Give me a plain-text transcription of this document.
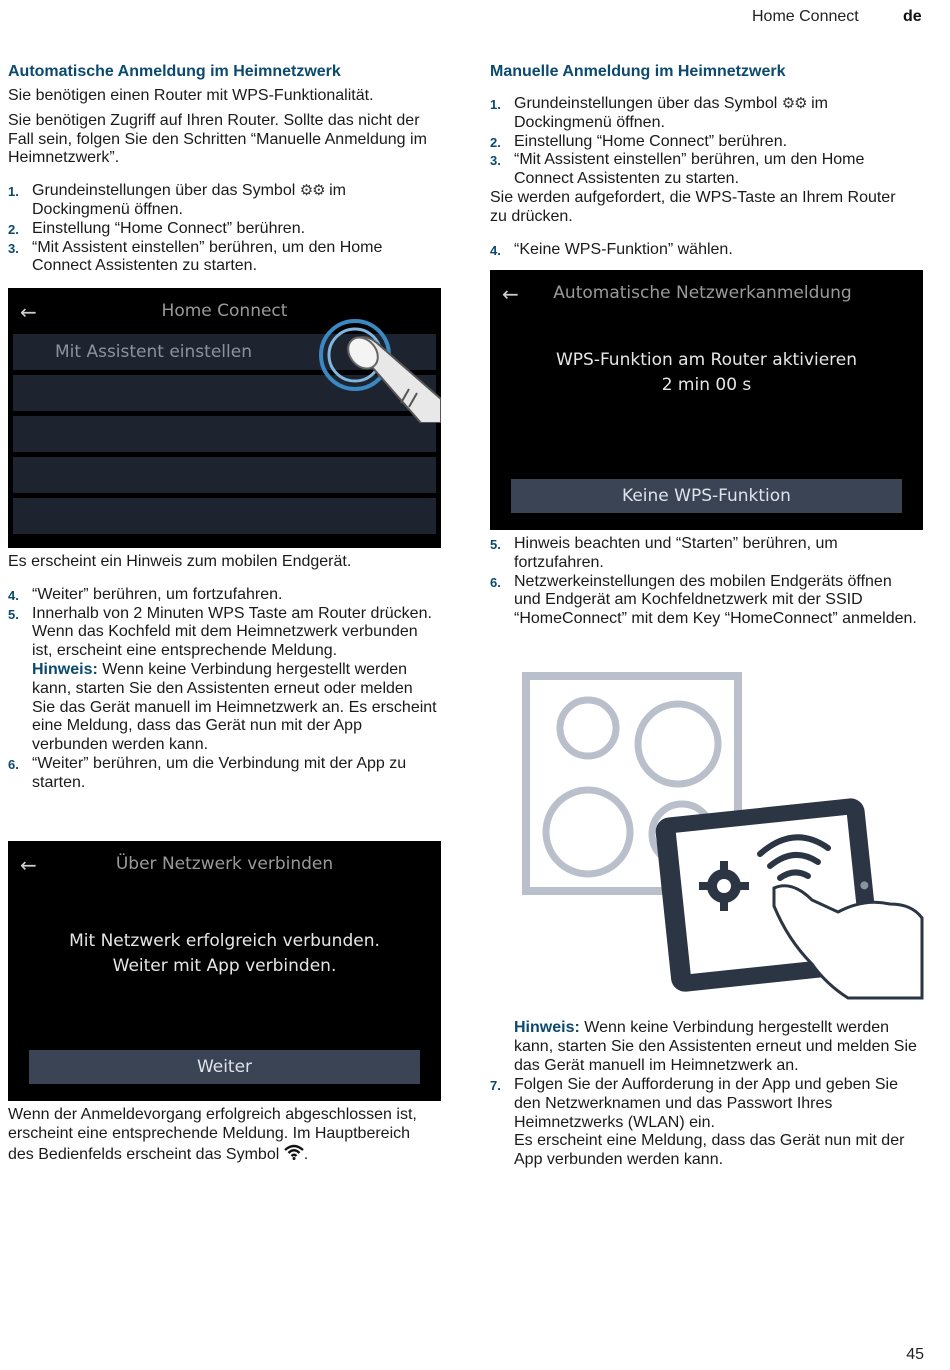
Home Connect	de
Automatische Anmeldung im Heimnetzwerk

Sie benötigen einen Router mit WPS-Funktionalität.

Sie benötigen Zugriff auf Ihren Router. Sollte das nicht der Fall sein, folgen Sie den Schritten “Manuelle Anmeldung im Heimnetzwerk”.

1. Grundeinstellungen über das Symbol ⚙⚙ im Dockingmenü öffnen.
2. Einstellung “Home Connect” berühren.
3. “Mit Assistent einstellen” berühren, um den Home Connect Assistenten zu starten.
←	Home Connect
Mit Assistent einstellen

Es erscheint ein Hinweis zum mobilen Endgerät.

4. “Weiter” berühren, um fortzufahren.
5. Innerhalb von 2 Minuten WPS Taste am Router drücken.
Wenn das Kochfeld mit dem Heimnetzwerk verbunden ist, erscheint eine entsprechende Meldung.
Hinweis: Wenn keine Verbindung hergestellt werden kann, starten Sie den Assistenten erneut oder melden Sie das Gerät manuell im Heimnetzwerk an. Es erscheint eine Meldung, dass das Gerät nun mit der App verbunden werden kann.
6. “Weiter” berühren, um die Verbindung mit der App zu starten.
←	Über Netzwerk verbinden
Mit Netzwerk erfolgreich verbunden.
Weiter mit App verbinden.
Weiter

Wenn der Anmeldevorgang erfolgreich abgeschlossen ist, erscheint eine entsprechende Meldung. Im Hauptbereich des Bedienfelds erscheint das Symbol .

Manuelle Anmeldung im Heimnetzwerk
1. Grundeinstellungen über das Symbol ⚙⚙ im Dockingmenü öffnen.
2. Einstellung “Home Connect” berühren.
3. “Mit Assistent einstellen” berühren, um den Home Connect Assistenten zu starten.

Sie werden aufgefordert, die WPS-Taste an Ihrem Router zu drücken.

4. “Keine WPS-Funktion” wählen.
←	Automatische Netzwerkanmeldung
WPS-Funktion am Router aktivieren
2 min 00 s
Keine WPS-Funktion
5. Hinweis beachten und “Starten” berühren, um fortzufahren.
6. Netzwerkeinstellungen des mobilen Endgeräts öffnen und Endgerät am Kochfeldnetzwerk mit der SSID “HomeConnect” mit dem Key “HomeConnect” anmelden.

Hinweis: Wenn keine Verbindung hergestellt werden kann, starten Sie den Assistenten erneut und melden Sie das Gerät manuell im Heimnetzwerk an.

7. Folgen Sie der Aufforderung in der App und geben Sie den Netzwerknamen und das Passwort Ihres Heimnetzwerks (WLAN) ein.
Es erscheint eine Meldung, dass das Gerät nun mit der App verbunden werden kann.
45
